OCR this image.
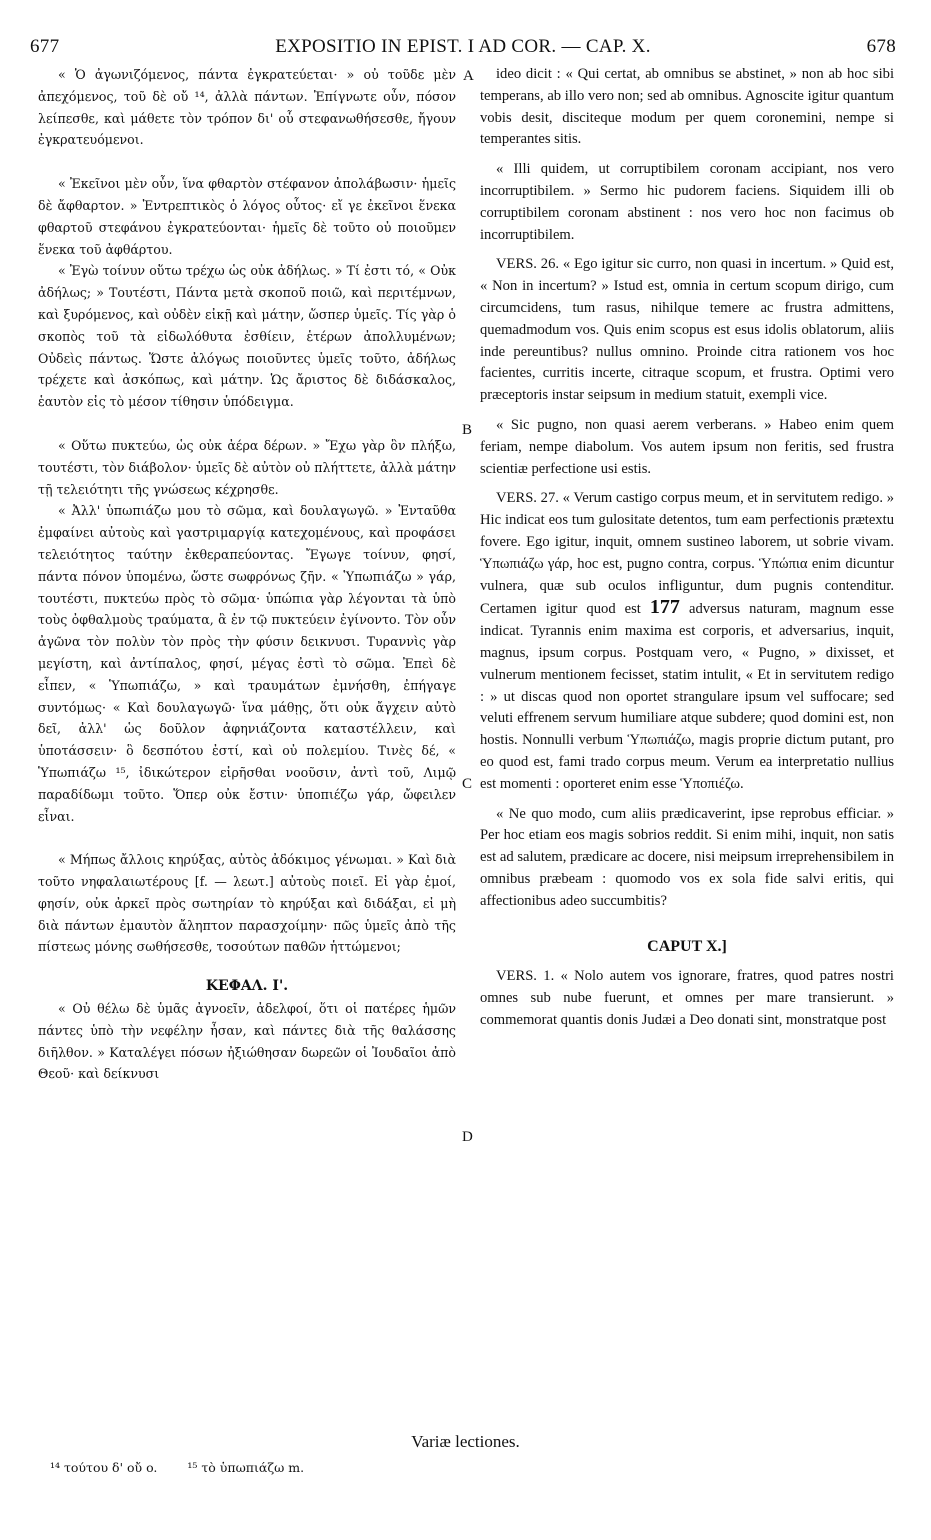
677	EXPOSITIO IN EPIST. I AD COR. — CAP. X.	678

« Ὁ ἀγωνιζόμενος, πάντα ἐγκρατεύεται· » οὐ τοῦδε μὲν ἀπεχόμενος, τοῦ δὲ οὔ ¹⁴, ἀλλὰ πάντων. Ἐπίγνωτε οὖν, πόσον λείπεσθε, καὶ μάθετε τὸν τρόπον δι' οὗ στεφανωθήσεσθε, ἤγουν ἐγκρατευόμενοι.

« Ἐκεῖνοι μὲν οὖν, ἵνα φθαρτὸν στέφανον ἀπολάβωσιν· ἡμεῖς δὲ ἄφθαρτον. » Ἐντρεπτικὸς ὁ λόγος οὗτος· εἴ γε ἐκεῖνοι ἕνεκα φθαρτοῦ στεφάνου ἐγκρατεύονται· ἡμεῖς δὲ τοῦτο οὐ ποιοῦμεν ἕνεκα τοῦ ἀφθάρτου.

« Ἐγὼ τοίνυν οὕτω τρέχω ὡς οὐκ ἀδήλως. » Τί ἐστι τό, « Οὐκ ἀδήλως; » Τουτέστι, Πάντα μετὰ σκοποῦ ποιῶ, καὶ περιτέμνων, καὶ ξυρόμενος, καὶ οὐδὲν εἰκῇ καὶ μάτην, ὥσπερ ὑμεῖς. Τίς γὰρ ὁ σκοπὸς τοῦ τὰ εἰδωλόθυτα ἐσθίειν, ἑτέρων ἀπολλυμένων; Οὐδεὶς πάντως. Ὥστε ἀλόγως ποιοῦντες ὑμεῖς τοῦτο, ἀδήλως τρέχετε καὶ ἀσκόπως, καὶ μάτην. Ὡς ἄριστος δὲ διδάσκαλος, ἑαυτὸν εἰς τὸ μέσον τίθησιν ὑπόδειγμα.

« Οὕτω πυκτεύω, ὡς οὐκ ἀέρα δέρων. » Ἔχω γὰρ ὃν πλήξω, τουτέστι, τὸν διάβολον· ὑμεῖς δὲ αὐτὸν οὐ πλήττετε, ἀλλὰ μάτην τῇ τελειότητι τῆς γνώσεως κέχρησθε.

« Ἀλλ' ὑπωπιάζω μου τὸ σῶμα, καὶ δουλαγωγῶ. » Ἐνταῦθα ἐμφαίνει αὐτοὺς καὶ γαστριμαργίᾳ κατεχομένους, καὶ προφάσει τελειότητος ταύτην ἐκθεραπεύοντας. Ἔγωγε τοίνυν, φησί, πάντα πόνον ὑπομένω, ὥστε σωφρόνως ζῆν. « Ὑπωπιάζω » γάρ, τουτέστι, πυκτεύω πρὸς τὸ σῶμα· ὑπώπια γὰρ λέγονται τὰ ὑπὸ τοὺς ὀφθαλμοὺς τραύματα, ἃ ἐν τῷ πυκτεύειν ἐγίνοντο. Τὸν οὖν ἀγῶνα τὸν πολὺν τὸν πρὸς τὴν φύσιν δεικνυσι. Τυραννὶς γὰρ μεγίστη, καὶ ἀντίπαλος, φησί, μέγας ἐστὶ τὸ σῶμα. Ἐπεὶ δὲ εἶπεν, « Ὑπωπιάζω, » καὶ τραυμάτων ἐμνήσθη, ἐπήγαγε συντόμως· « Καὶ δουλαγωγῶ· ἵνα μάθῃς, ὅτι οὐκ ἄγχειν αὐτὸ δεῖ, ἀλλ' ὡς δοῦλον ἀφηνιάζοντα καταστέλλειν, καὶ ὑποτάσσειν· ὃ δεσπότου ἐστί, καὶ οὐ πολεμίου. Τινὲς δέ, « Ὑπωπιάζω ¹⁵, ἰδικώτερον εἰρῆσθαι νοοῦσιν, ἀντὶ τοῦ, Λιμῷ παραδίδωμι τοῦτο. Ὅπερ οὐκ ἔστιν· ὑποπιέζω γάρ, ὤφειλεν εἶναι.

« Μήπως ἄλλοις κηρύξας, αὐτὸς ἀδόκιμος γένωμαι. » Καὶ διὰ τοῦτο νηφαλαιωτέρους [f. — λεωτ.] αὐτοὺς ποιεῖ. Εἰ γὰρ ἐμοί, φησίν, οὐκ ἀρκεῖ πρὸς σωτηρίαν τὸ κηρύξαι καὶ διδάξαι, εἰ μὴ διὰ πάντων ἐμαυτὸν ἄληπτον παρασχοίμην· πῶς ὑμεῖς ἀπὸ τῆς πίστεως μόνης σωθήσεσθε, τοσούτων παθῶν ἡττώμενοι;

ΚΕΦΑΛ. Ι'.

« Οὐ θέλω δὲ ὑμᾶς ἀγνοεῖν, ἀδελφοί, ὅτι οἱ πατέρες ἡμῶν πάντες ὑπὸ τὴν νεφέλην ἦσαν, καὶ πάντες διὰ τῆς θαλάσσης διῆλθον. » Καταλέγει πόσων ἠξιώθησαν δωρεῶν οἱ Ἰουδαῖοι ἀπὸ Θεοῦ· καὶ δείκνυσι

ideo dicit : « Qui certat, ab omnibus se abstinet, » non ab hoc sibi temperans, ab illo vero non; sed ab omnibus. Agnoscite igitur quantum vobis desit, disciteque modum per quem coronemini, nempe si temperantes sitis.

« Illi quidem, ut corruptibilem coronam accipiant, nos vero incorruptibilem. » Sermo hic pudorem faciens. Siquidem illi ob corruptibilem coronam abstinent : nos vero hoc non facimus ob incorruptibilem.

VERS. 26. « Ego igitur sic curro, non quasi in incertum. » Quid est, « Non in incertum? » Istud est, omnia in certum scopum dirigo, cum circumcidens, tum rasus, nihilque temere ac frustra admittens, quemadmodum vos. Quis enim scopus est esus idolis oblatorum, aliis inde pereuntibus? nullus omnino. Proinde citra rationem vos hoc facientes, curritis incerte, citraque scopum, et frustra. Optimi vero præceptoris instar seipsum in medium statuit, exempli vice.

« Sic pugno, non quasi aerem verberans. » Habeo enim quem feriam, nempe diabolum. Vos autem ipsum non feritis, sed frustra scientiæ perfectione usi estis.

VERS. 27. « Verum castigo corpus meum, et in servitutem redigo. » Hic indicat eos tum gulositate detentos, tum eam perfectionis prætextu fovere. Ego igitur, inquit, omnem sustineo laborem, ut sobrie vivam. Ὑπωπιάζω γάρ, hoc est, pugno contra, corpus. Ὑπώπια enim dicuntur vulnera, quæ sub oculos infliguntur, dum pugnis contenditur. Certamen igitur quod est 177 adversus naturam, magnum esse indicat. Tyrannis enim maxima est corporis, et adversarius, inquit, magnus, ipsum corpus. Postquam vero, « Pugno, » dixisset, et vulnerum mentionem fecisset, statim intulit, « Et in servitutem redigo : » ut discas quod non oportet strangulare ipsum vel suffocare; sed veluti effrenem servum humiliare atque subdere; quod domini est, non hostis. Nonnulli verbum Ὑπωπιάζω, magis proprie dictum putant, pro eo quod est, fami trado corpus meum. Verum ea interpretatio nullius est momenti : oporteret enim esse Ὑποπιέζω.

« Ne quo modo, cum aliis prædicaverint, ipse reprobus efficiar. » Per hoc etiam eos magis sobrios reddit. Si enim mihi, inquit, non satis est ad salutem, prædicare ac docere, nisi meipsum irreprehensibilem in omnibus præbeam : quomodo vos ex sola fide salvi eritis, qui affectionibus adeo succumbitis?

CAPUT X.]

VERS. 1. « Nolo autem vos ignorare, fratres, quod patres nostri omnes sub nube fuerunt, et omnes per mare transierunt. » commemorat quantis donis Judæi a Deo donati sint, monstratque post

A
B
C
D
Variæ lectiones.
¹⁴ τούτου δ' οὔ o. ¹⁵ τὸ ὑπωπιάζω m.
